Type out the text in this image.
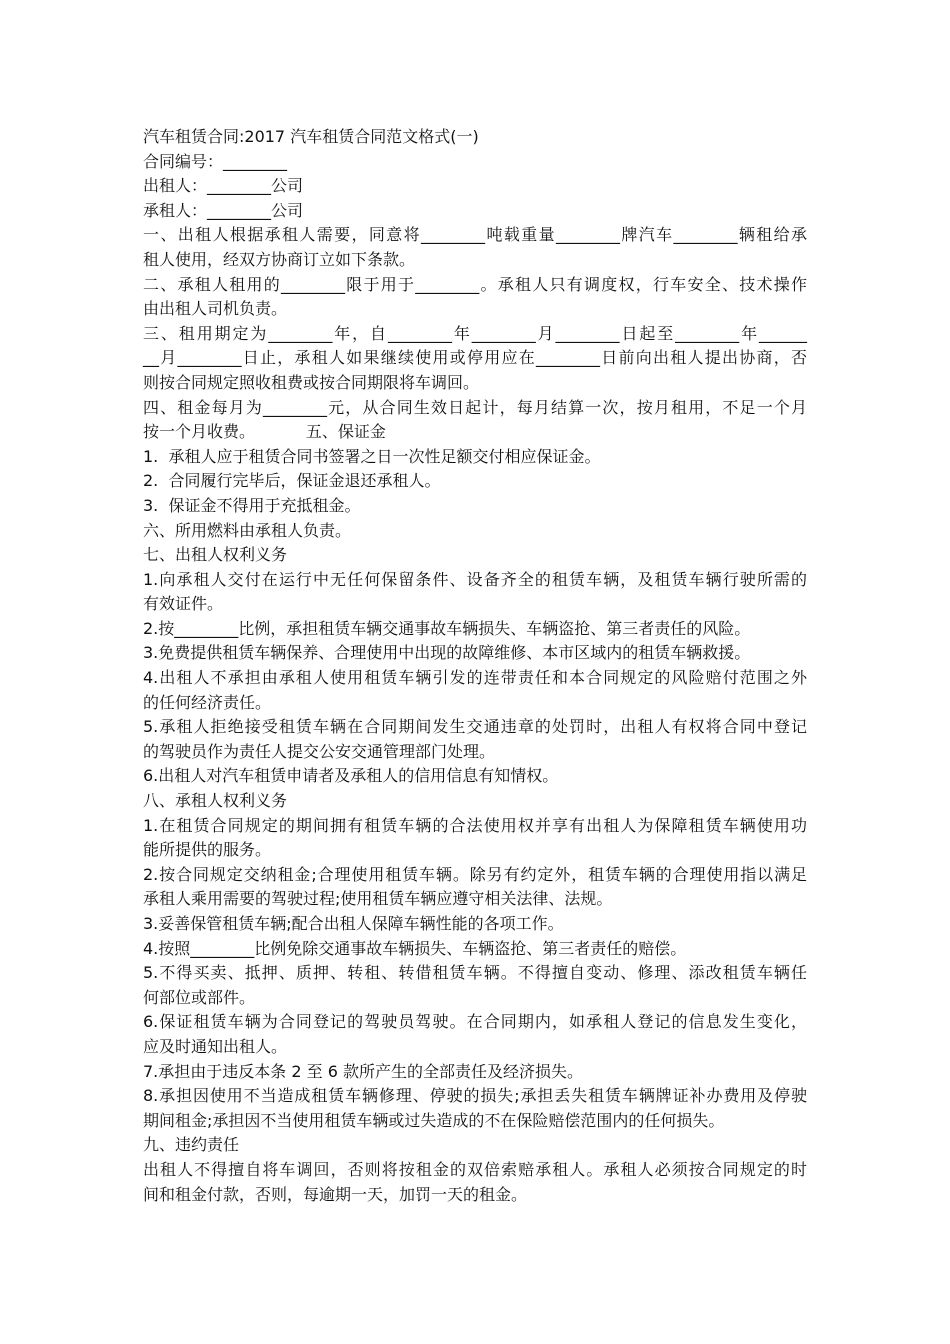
汽车租赁合同:2017 汽车租赁合同范文格式(一)
合同编号：________
出租人：________公司
承租人：________公司
一、出租人根据承租人需要，同意将________吨载重量________牌汽车________辆租给承
租人使用，经双方协商订立如下条款。
二、承租人租用的________限于用于________。承租人只有调度权，行车安全、技术操作
由出租人司机负责。
三、租用期定为________年，自________年________月________日起至________年______
__月________日止，承租人如果继续使用或停用应在________日前向出租人提出协商，否
则按合同规定照收租费或按合同期限将车调回。
四、租金每月为________元，从合同生效日起计，每月结算一次，按月租用，不足一个月
按一个月收费。          五、保证金
1.  承租人应于租赁合同书签署之日一次性足额交付相应保证金。
2.  合同履行完毕后，保证金退还承租人。
3.  保证金不得用于充抵租金。
六、所用燃料由承租人负责。
七、出租人权利义务
1.向承租人交付在运行中无任何保留条件、设备齐全的租赁车辆，及租赁车辆行驶所需的
有效证件。
2.按________比例，承担租赁车辆交通事故车辆损失、车辆盗抢、第三者责任的风险。
3.免费提供租赁车辆保养、合理使用中出现的故障维修、本市区域内的租赁车辆救援。
4.出租人不承担由承租人使用租赁车辆引发的连带责任和本合同规定的风险赔付范围之外
的任何经济责任。
5.承租人拒绝接受租赁车辆在合同期间发生交通违章的处罚时，出租人有权将合同中登记
的驾驶员作为责任人提交公安交通管理部门处理。
6.出租人对汽车租赁申请者及承租人的信用信息有知情权。
八、承租人权利义务
1.在租赁合同规定的期间拥有租赁车辆的合法使用权并享有出租人为保障租赁车辆使用功
能所提供的服务。
2.按合同规定交纳租金;合理使用租赁车辆。除另有约定外，租赁车辆的合理使用指以满足
承租人乘用需要的驾驶过程;使用租赁车辆应遵守相关法律、法规。
3.妥善保管租赁车辆;配合出租人保障车辆性能的各项工作。
4.按照________比例免除交通事故车辆损失、车辆盗抢、第三者责任的赔偿。
5.不得买卖、抵押、质押、转租、转借租赁车辆。不得擅自变动、修理、添改租赁车辆任
何部位或部件。
6.保证租赁车辆为合同登记的驾驶员驾驶。在合同期内，如承租人登记的信息发生变化，
应及时通知出租人。
7.承担由于违反本条 2 至 6 款所产生的全部责任及经济损失。
8.承担因使用不当造成租赁车辆修理、停驶的损失;承担丢失租赁车辆牌证补办费用及停驶
期间租金;承担因不当使用租赁车辆或过失造成的不在保险赔偿范围内的任何损失。
九、违约责任
出租人不得擅自将车调回，否则将按租金的双倍索赔承租人。承租人必须按合同规定的时
间和租金付款，否则，每逾期一天，加罚一天的租金。
